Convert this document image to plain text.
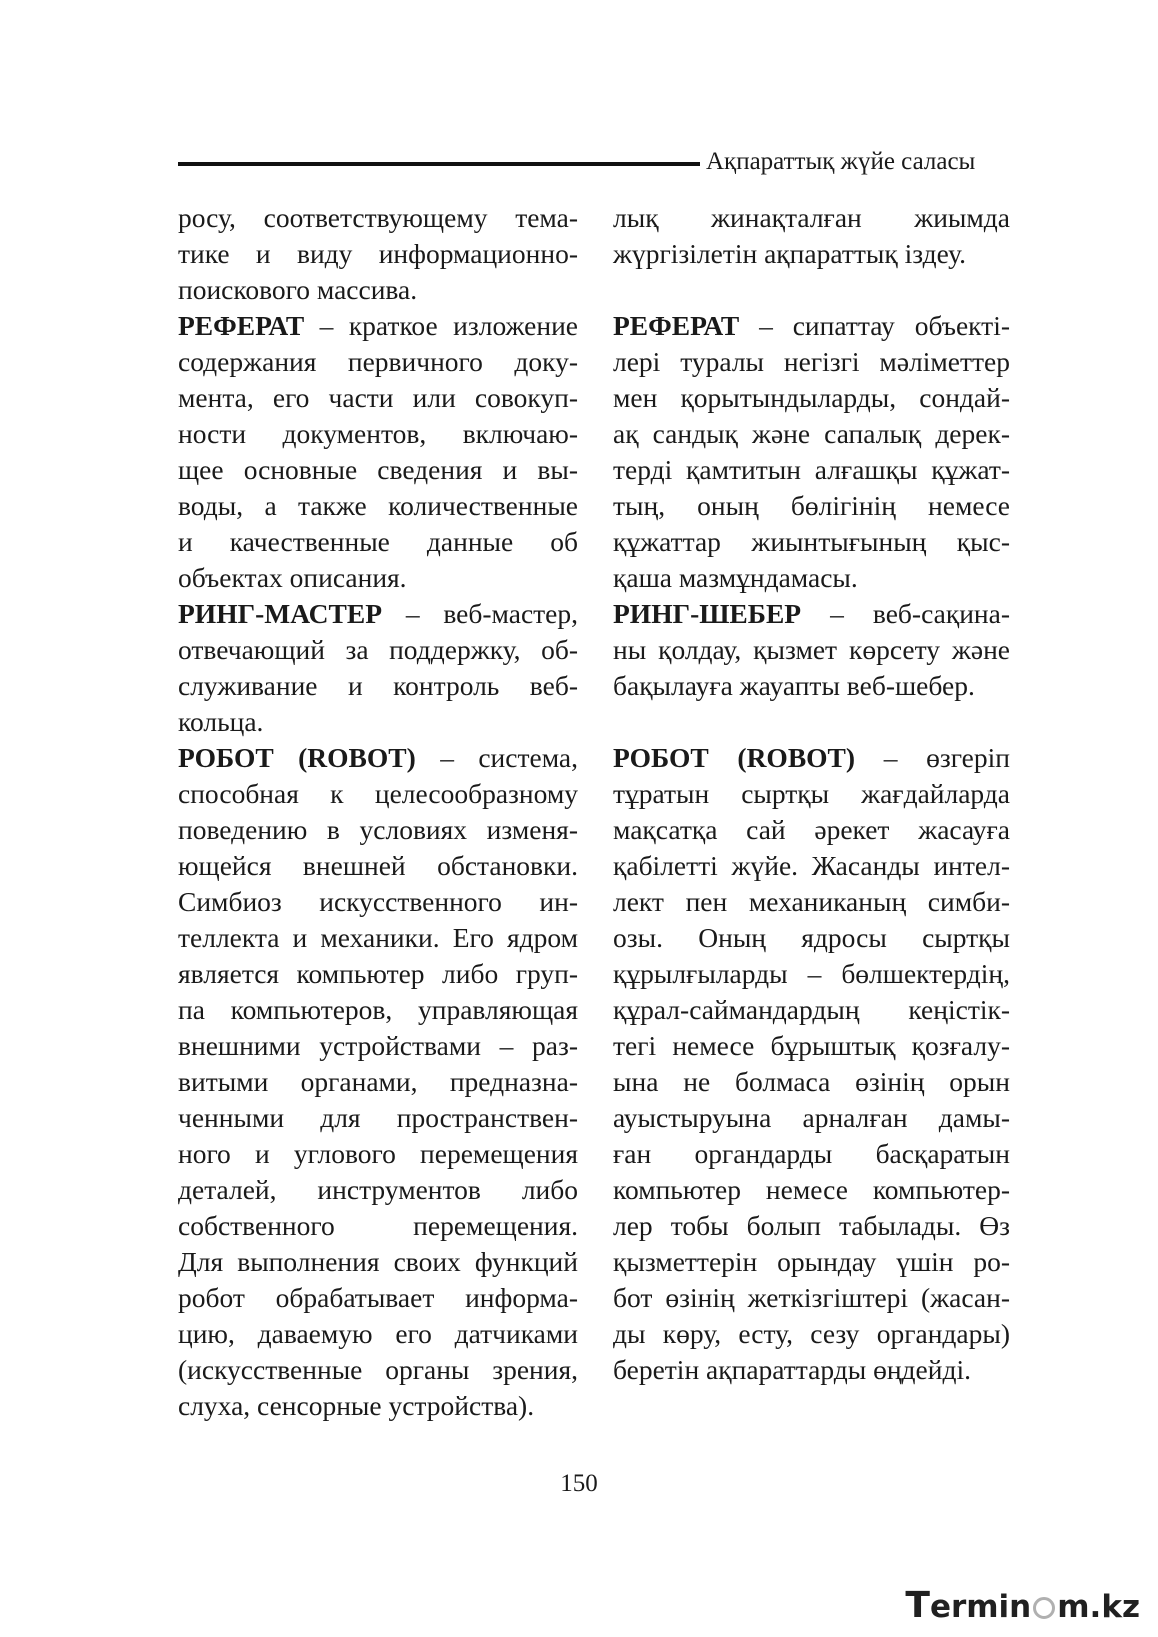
Ақпараттық жүйе саласы
росу, соответствующему тема-
тике и виду информационно-
поискового массива.
РЕФЕРАТ – краткое изложение
содержания первичного доку-
мента, его части или совокуп-
ности документов, включаю-
щее основные сведения и вы-
воды, а также количественные
и качественные данные об
объектах описания.
РИНГ-МАСТЕР – веб-мастер,
отвечающий за поддержку, об-
служивание и контроль веб-
кольца.
РОБОТ (ROBOT) – система,
способная к целесообразному
поведению в условиях изменя-
ющейся внешней обстановки.
Симбиоз искусственного ин-
теллекта и механики. Его ядром
является компьютер либо груп-
па компьютеров, управляющая
внешними устройствами – раз-
витыми органами, предназна-
ченными для пространствен-
ного и углового перемещения
деталей, инструментов либо
собственного перемещения.
Для выполнения своих функций
робот обрабатывает информа-
цию, даваемую его датчиками
(искусственные органы зрения,
слуха, сенсорные устройства).
лық жинақталған жиымда
жүргізілетін ақпараттық іздеу.
РЕФЕРАТ – сипаттау объектi-
лерi туралы негізгі мәліметтер
мен қорытындыларды, сондай-
ақ сандық және сапалық дерек-
терді қамтитын алғашқы құжат-
тың, оның бөлігінің немесе
құжаттар жиынтығының қыс-
қаша мазмұндамасы.
РИНГ-ШЕБЕР – веб-сақина-
ны қолдау, қызмет көрсету және
бақылауға жауапты веб-шебер.
РОБОТ (ROBOT) – өзгеріп
тұратын сыртқы жағдайларда
мақсатқа сай әрекет жасауға
қабілетті жүйе. Жасанды интел-
лект пен механиканың симби-
озы. Оның ядросы сыртқы
құрылғыларды – бөлшектердің,
құрал-саймандардың кеңістік-
тегі немесе бұрыштық қозғалу-
ына не болмаса өзінің орын
ауыстыруына арналған дамы-
ған органдарды басқаратын
компьютер немесе компьютер-
лер тобы болып табылады. Өз
қызметтерін орындау үшін ро-
бот өзінің жеткізгіштері (жасан-
ды көру, есту, сезу органдары)
беретін ақпараттарды өңдейді.
150
Termin m.kz
